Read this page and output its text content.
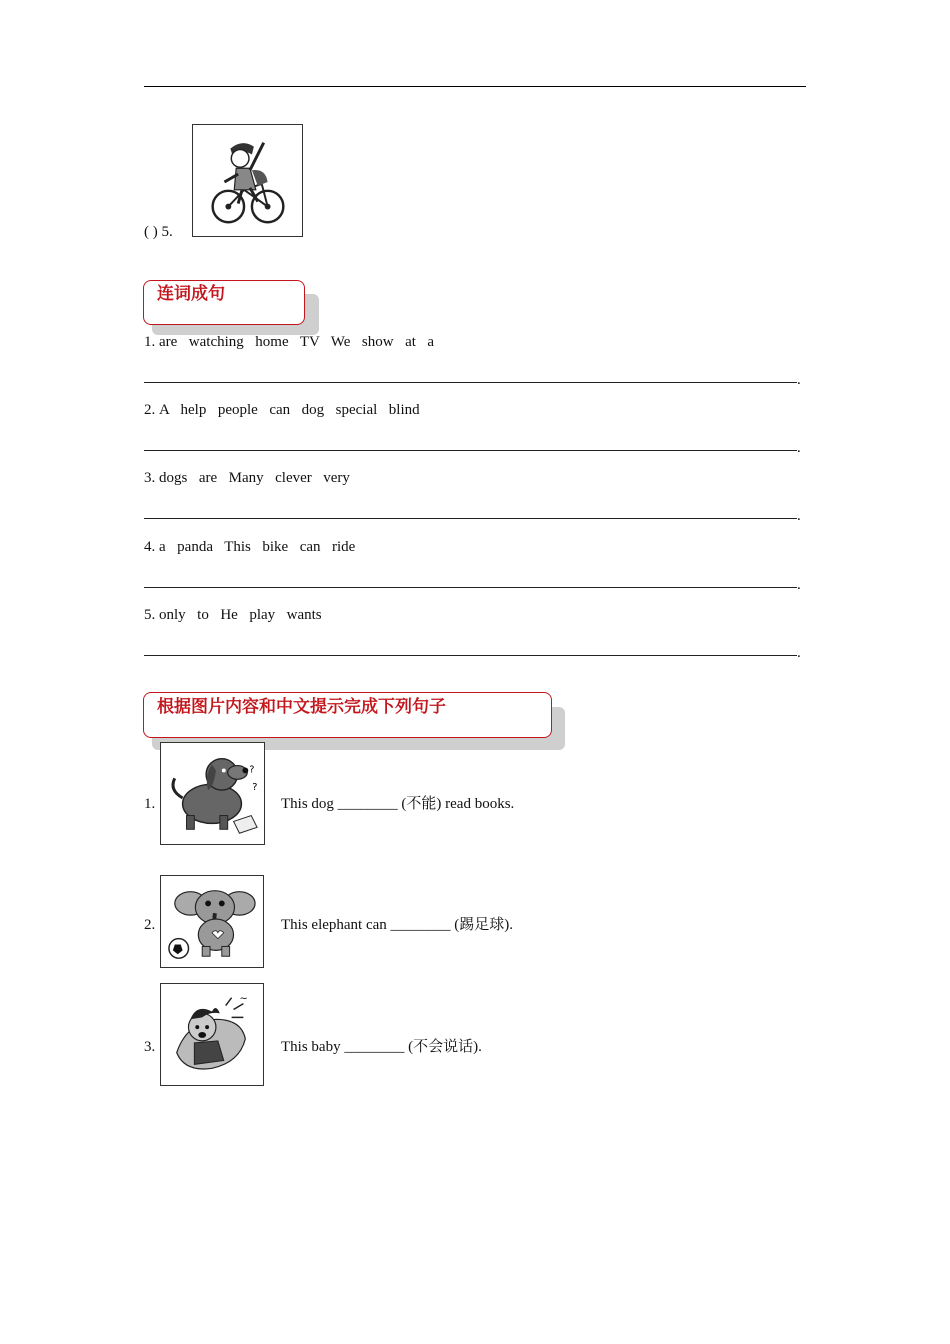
( ) 5.
连词成句
1. are  watching  home  TV  We  show  at  a
.
2. A  help  people  can  dog  special  blind
.
3. dogs  are  Many  clever  very
.
4. a  panda  This  bike  can  ride
.
5. only  to  He  play  wants
.
根据图片内容和中文提示完成下列句子
1.
?
?
This dog ________ (不能) read books.
2.	This elephant can ________ (踢足球).
3.
~
This baby ________ (不会说话).
